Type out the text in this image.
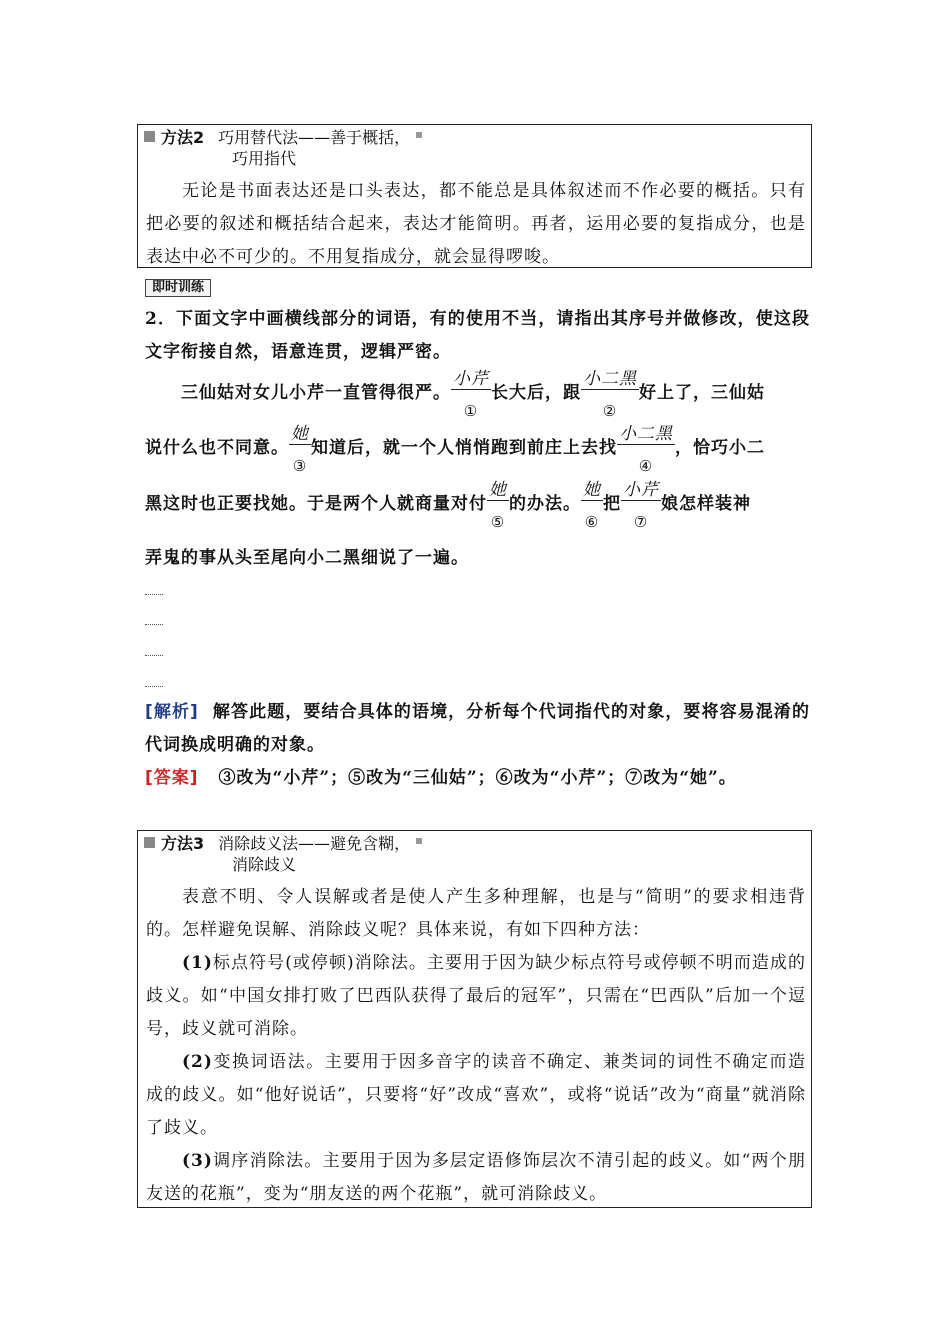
方法2 巧用替代法——善于概括，
巧用指代
无论是书面表达还是口头表达，都不能总是具体叙述而不作必要的概括。只有把必要的叙述和概括结合起来，表达才能简明。再者，运用必要的复指成分，也是表达中必不可少的。不用复指成分，就会显得啰唆。
即时训练
2．下面文字中画横线部分的词语，有的使用不当，请指出其序号并做修改，使这段文字衔接自然，语意连贯，逻辑严密。
三仙姑对女儿小芹一直管得很严。
小芹
①
长大后，跟
小二黑
②
好上了，三仙姑
说什么也不同意。
她
③
知道后，就一个人悄悄跑到前庄上去找
小二黑
④
，恰巧小二
黑这时也正要找她。于是两个人就商量对付
她
⑤
的办法。
她
⑥
把
小芹
⑦
娘怎样装神
弄鬼的事从头至尾向小二黑细说了一遍。
[解析] 解答此题，要结合具体的语境，分析每个代词指代的对象，要将容易混淆的代词换成明确的对象。
[答案] ③改为“小芹”；⑤改为“三仙姑”；⑥改为“小芹”；⑦改为“她”。
方法3 消除歧义法——避免含糊，
消除歧义

表意不明、令人误解或者是使人产生多种理解，也是与“简明”的要求相违背的。怎样避免误解、消除歧义呢？具体来说，有如下四种方法：

(1)标点符号(或停顿)消除法。主要用于因为缺少标点符号或停顿不明而造成的歧义。如“中国女排打败了巴西队获得了最后的冠军”，只需在“巴西队”后加一个逗号，歧义就可消除。

(2)变换词语法。主要用于因多音字的读音不确定、兼类词的词性不确定而造成的歧义。如“他好说话”，只要将“好”改成“喜欢”，或将“说话”改为“商量”就消除了歧义。

(3)调序消除法。主要用于因为多层定语修饰层次不清引起的歧义。如“两个朋友送的花瓶”，变为“朋友送的两个花瓶”，就可消除歧义。
